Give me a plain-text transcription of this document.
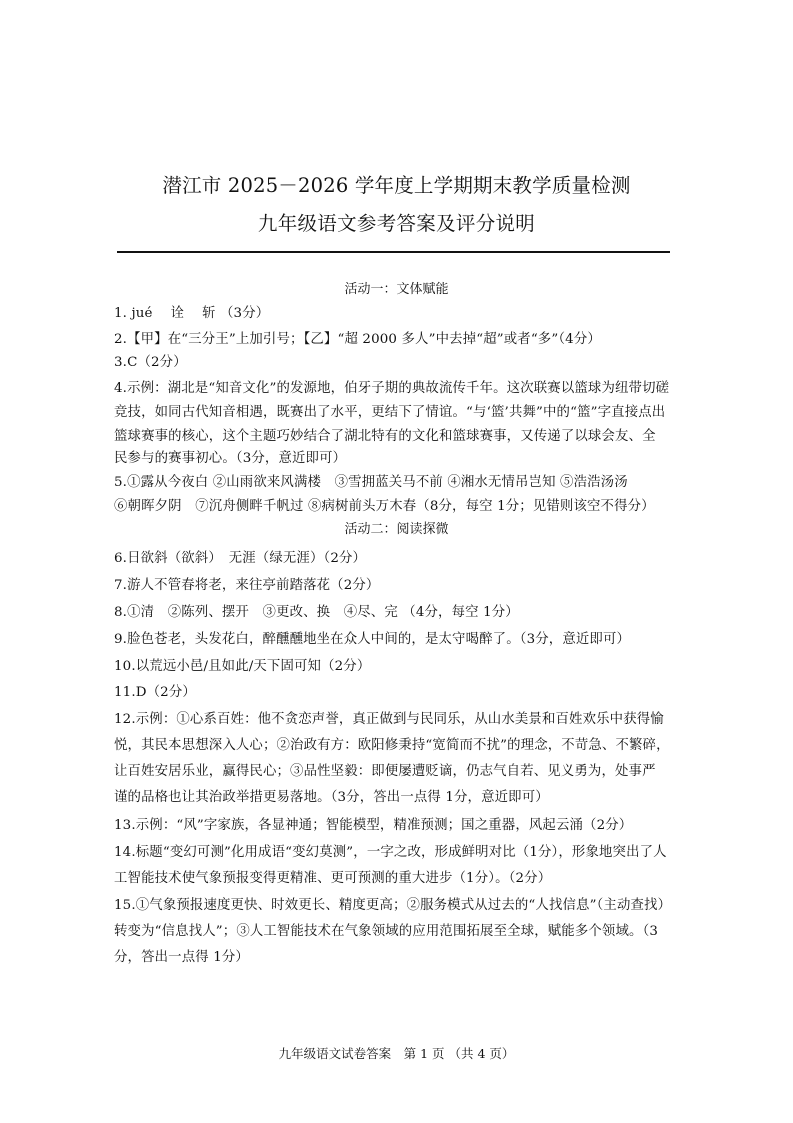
潜江市 2025－2026 学年度上学期期末教学质量检测
九年级语文参考答案及评分说明
活动一：文体赋能
1. jué　 诠　 斩 （3分）
2.【甲】在“三分王”上加引号；【乙】“超 2000 多人”中去掉“超”或者“多”（4分）
3.C（2分）
4.示例：湖北是“知音文化”的发源地，伯牙子期的典故流传千年。这次联赛以篮球为纽带切磋
竞技，如同古代知音相遇，既赛出了水平，更结下了情谊。“与‘篮’共舞”中的“篮”字直接点出
篮球赛事的核心，这个主题巧妙结合了湖北特有的文化和篮球赛事，又传递了以球会友、全
民参与的赛事初心。（3分，意近即可）
5.①露从今夜白 ②山雨欲来风满楼　③雪拥蓝关马不前 ④湘水无情吊岂知 ⑤浩浩汤汤
⑥朝晖夕阴　⑦沉舟侧畔千帆过 ⑧病树前头万木春（8分，每空 1分；见错则该空不得分）
活动二：阅读探微
6.日欲斜（欲斜）　无涯（绿无涯）（2分）
7.游人不管春将老，来往亭前踏落花（2分）
8.①清　②陈列、摆开　③更改、换　④尽、完 （4分，每空 1分）
9.脸色苍老，头发花白，醉醺醺地坐在众人中间的，是太守喝醉了。（3分，意近即可）
10.以荒远小邑/且如此/天下固可知（2分）
11.D（2分）
12.示例：①心系百姓：他不贪恋声誉，真正做到与民同乐，从山水美景和百姓欢乐中获得愉
悦，其民本思想深入人心；②治政有方：欧阳修秉持“宽简而不扰”的理念，不苛急、不繁碎，
让百姓安居乐业，赢得民心；③品性坚毅：即便屡遭贬谪，仍志气自若、见义勇为，处事严
谨的品格也让其治政举措更易落地。（3分，答出一点得 1分，意近即可）
13.示例：“风”字家族，各显神通；智能模型，精准预测；国之重器，风起云涌（2分）
14.标题“变幻可测”化用成语“变幻莫测”，一字之改，形成鲜明对比（1分），形象地突出了人
工智能技术使气象预报变得更精准、更可预测的重大进步（1分）。（2分）
15.①气象预报速度更快、时效更长、精度更高；②服务模式从过去的“人找信息”（主动查找）
转变为“信息找人”；③人工智能技术在气象领域的应用范围拓展至全球，赋能多个领域。（3
分，答出一点得 1分）
九年级语文试卷答案　第 1 页 （共 4 页）
